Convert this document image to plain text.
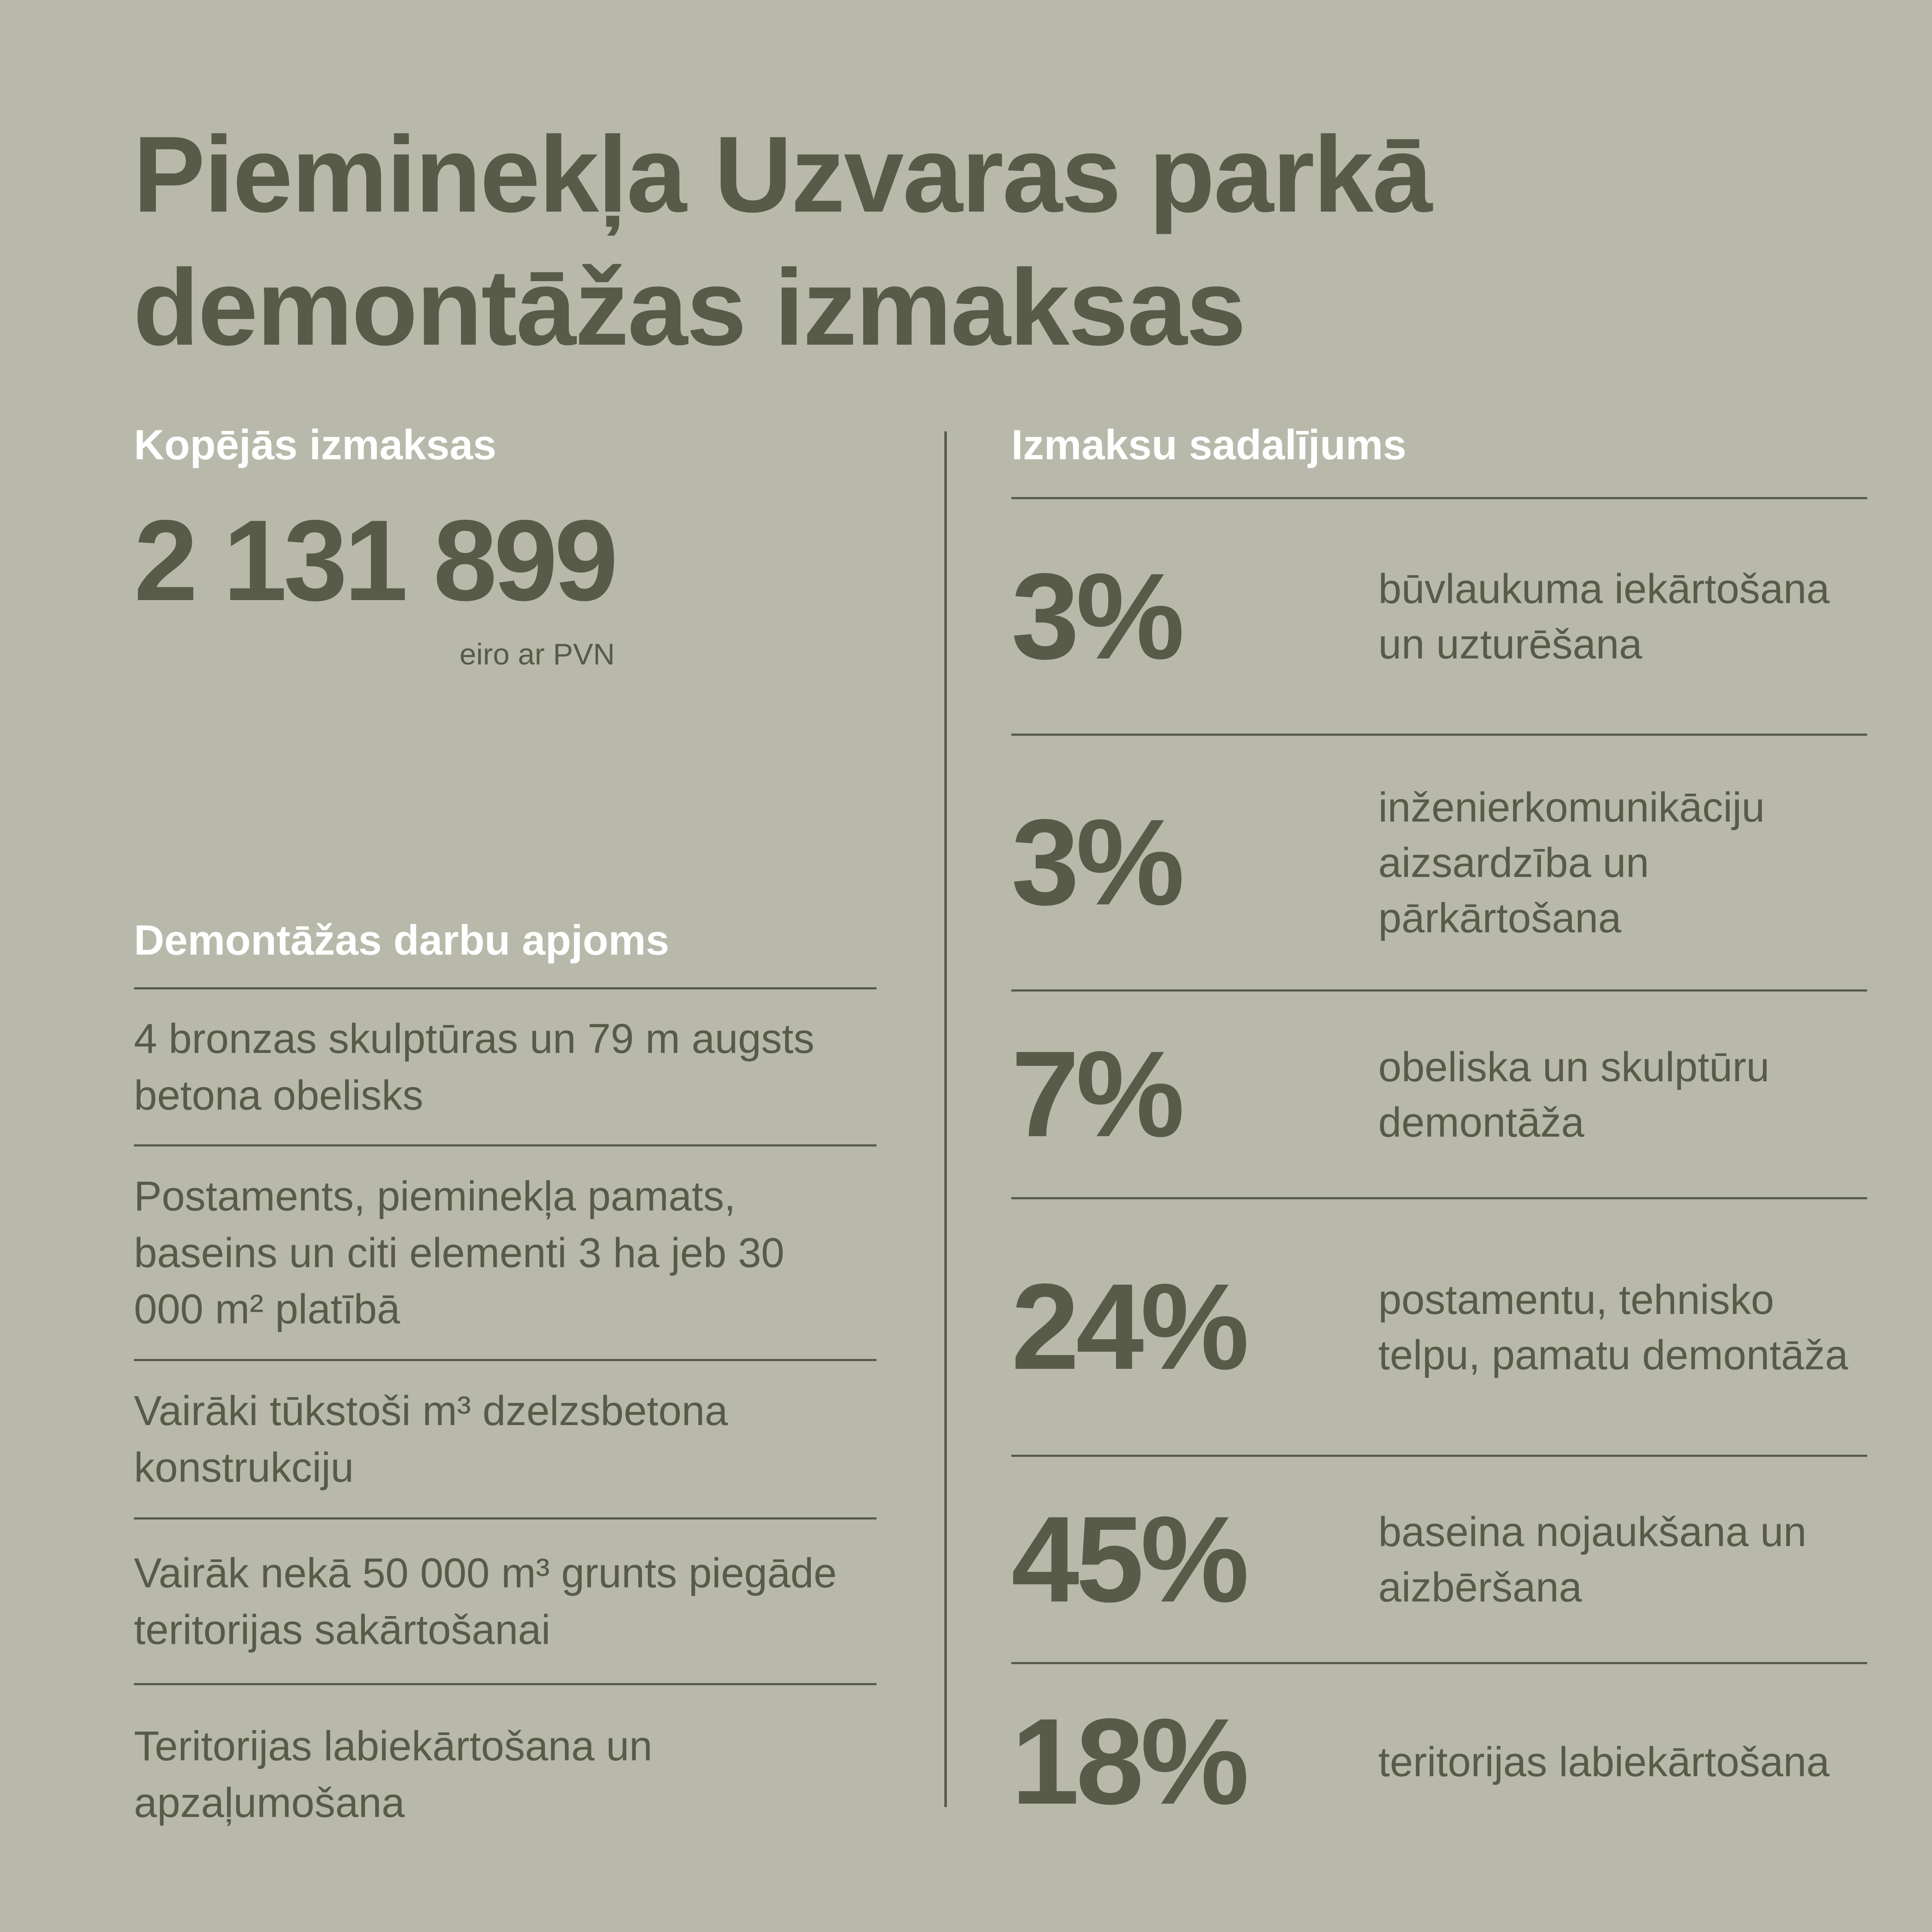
Pieminekļa Uzvaras parkā
demontāžas izmaksas
Kopējās izmaksas
2 131 899
eiro ar PVN
Demontāžas darbu apjoms

4 bronzas skulptūras un 79 m augsts betona obelisks

Postaments, pieminekļa pamats, baseins un citi elementi 3 ha jeb 30 000 m² platībā

Vairāki tūkstoši m³ dzelzsbetona konstrukciju

Vairāk nekā 50 000 m³ grunts piegāde teritorijas sakārtošanai

Teritorijas labiekārtošana un apzaļumošana

Izmaksu sadalījums
3%	būvlaukuma iekārtošana un uzturēšana
3%	inženierkomunikāciju aizsardzība un pārkārtošana
7%	obeliska un skulptūru demontāža
24%	postamentu, tehnisko telpu, pamatu demontāža
45%	baseina nojaukšana un aizbēršana
18%	teritorijas labiekārtošana
